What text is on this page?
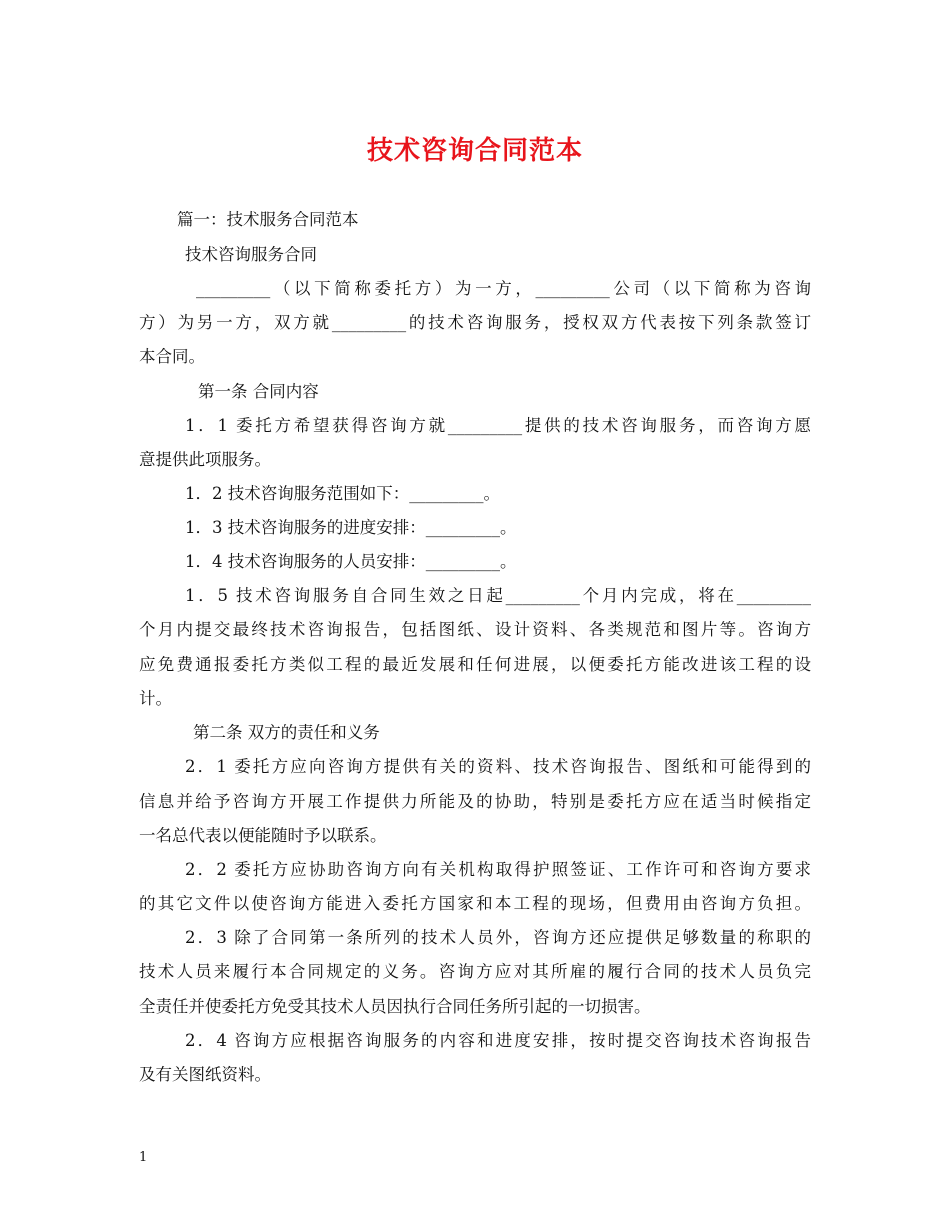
技术咨询合同范本
篇一：技术服务合同范本
技术咨询服务合同
_________（以下简称委托方）为一方，_________公司（以下简称为咨询
方）为另一方，双方就_________的技术咨询服务，授权双方代表按下列条款签订
本合同。
第一条 合同内容
1．1 委托方希望获得咨询方就_________提供的技术咨询服务，而咨询方愿
意提供此项服务。
1．2 技术咨询服务范围如下：_________。
1．3 技术咨询服务的进度安排：_________。
1．4 技术咨询服务的人员安排：_________。
1．5 技术咨询服务自合同生效之日起_________个月内完成，将在_________
个月内提交最终技术咨询报告，包括图纸、设计资料、各类规范和图片等。咨询方
应免费通报委托方类似工程的最近发展和任何进展，以便委托方能改进该工程的设
计。
第二条 双方的责任和义务
2．1 委托方应向咨询方提供有关的资料、技术咨询报告、图纸和可能得到的
信息并给予咨询方开展工作提供力所能及的协助，特别是委托方应在适当时候指定
一名总代表以便能随时予以联系。
2．2 委托方应协助咨询方向有关机构取得护照签证、工作许可和咨询方要求
的其它文件以使咨询方能进入委托方国家和本工程的现场，但费用由咨询方负担。
2．3 除了合同第一条所列的技术人员外，咨询方还应提供足够数量的称职的
技术人员来履行本合同规定的义务。咨询方应对其所雇的履行合同的技术人员负完
全责任并使委托方免受其技术人员因执行合同任务所引起的一切损害。
2．4 咨询方应根据咨询服务的内容和进度安排，按时提交咨询技术咨询报告
及有关图纸资料。
1
